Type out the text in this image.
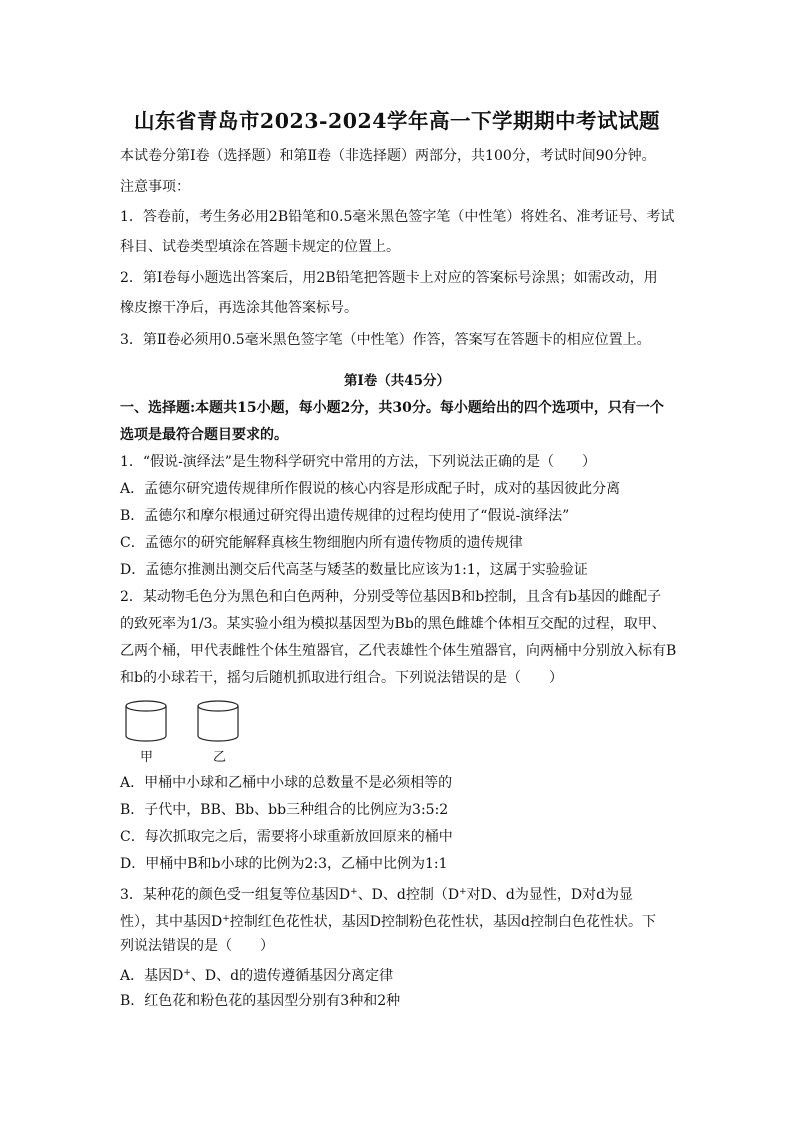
山东省青岛市2023-2024学年高一下学期期中考试试题
本试卷分第Ⅰ卷（选择题）和第Ⅱ卷（非选择题）两部分，共100分，考试时间90分钟。
注意事项：
1．答卷前，考生务必用2B铅笔和0.5毫米黑色签字笔（中性笔）将姓名、准考证号、考试
科目、试卷类型填涂在答题卡规定的位置上。
2．第Ⅰ卷每小题选出答案后，用2B铅笔把答题卡上对应的答案标号涂黑；如需改动，用
橡皮擦干净后，再选涂其他答案标号。
3．第Ⅱ卷必须用0.5毫米黑色签字笔（中性笔）作答，答案写在答题卡的相应位置上。
第Ⅰ卷（共45分）
一、选择题:本题共15小题，每小题2分，共30分。每小题给出的四个选项中，只有一个
选项是最符合题目要求的。
1．“假说-演绎法”是生物科学研究中常用的方法，下列说法正确的是（　　）
A．孟德尔研究遗传规律所作假说的核心内容是形成配子时，成对的基因彼此分离
B．孟德尔和摩尔根通过研究得出遗传规律的过程均使用了“假说-演绎法”
C．孟德尔的研究能解释真核生物细胞内所有遗传物质的遗传规律
D．孟德尔推测出测交后代高茎与矮茎的数量比应该为1:1，这属于实验验证
2．某动物毛色分为黑色和白色两种，分别受等位基因B和b控制，且含有b基因的雌配子
的致死率为1/3。某实验小组为模拟基因型为Bb的黑色雌雄个体相互交配的过程，取甲、
乙两个桶，甲代表雌性个体生殖器官，乙代表雄性个体生殖器官，向两桶中分别放入标有B
和b的小球若干，摇匀后随机抓取进行组合。下列说法错误的是（　　）
甲	乙
A．甲桶中小球和乙桶中小球的总数量不是必须相等的
B．子代中，BB、Bb、bb三种组合的比例应为3:5:2
C．每次抓取完之后，需要将小球重新放回原来的桶中
D．甲桶中B和b小球的比例为2:3，乙桶中比例为1:1
3．某种花的颜色受一组复等位基因D+、D、d控制（D+对D、d为显性，D对d为显
性），其中基因D+控制红色花性状，基因D控制粉色花性状，基因d控制白色花性状。下
列说法错误的是（　　）
A．基因D+、D、d的遗传遵循基因分离定律
B．红色花和粉色花的基因型分别有3种和2种
